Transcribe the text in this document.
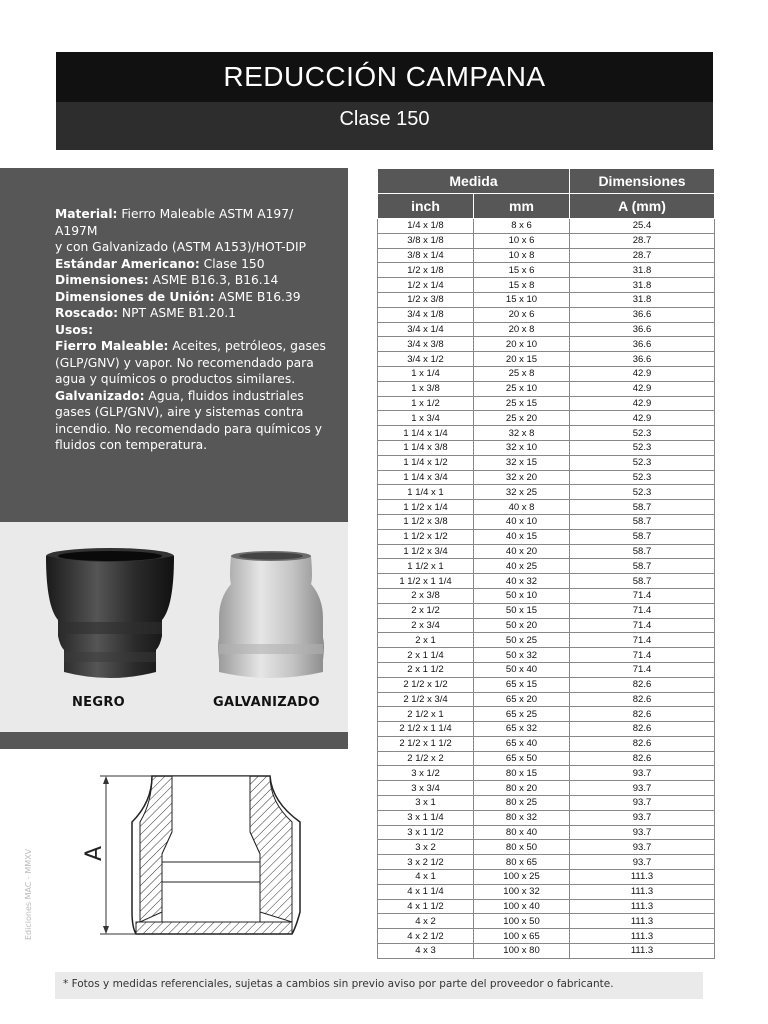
REDUCCIÓN CAMPANA
Clase 150

Material: Fierro Maleable ASTM A197/ A197M

y con Galvanizado (ASTM A153)/HOT-DIP

Estándar Americano: Clase 150

Dimensiones: ASME B16.3, B16.14

Dimensiones de Unión: ASME B16.39

Roscado: NPT ASME B1.20.1

Usos:

Fierro Maleable: Aceites, petróleos, gases (GLP/GNV) y vapor. No recomendado para agua y químicos o productos similares.

Galvanizado: Agua, fluidos industriales gases (GLP/GNV), aire y sistemas contra incendio. No recomendado para químicos y fluidos con temperatura.

NEGRO	GALVANIZADO
A
Ediciones MAC - MMXV
Medida		Dimensiones
inch	mm	A (mm)
1/4 x 1/8	8 x 6	25.4
3/8 x 1/8	10 x 6	28.7
3/8 x 1/4	10 x 8	28.7
1/2 x 1/8	15 x 6	31.8
1/2 x 1/4	15 x 8	31.8
1/2 x 3/8	15 x 10	31.8
3/4 x 1/8	20 x 6	36.6
3/4 x 1/4	20 x 8	36.6
3/4 x 3/8	20 x 10	36.6
3/4 x 1/2	20 x 15	36.6
1 x 1/4	25 x 8	42.9
1 x 3/8	25 x 10	42.9
1 x 1/2	25 x 15	42.9
1 x 3/4	25 x 20	42.9
1 1/4 x 1/4	32 x 8	52.3
1 1/4 x 3/8	32 x 10	52.3
1 1/4 x 1/2	32 x 15	52.3
1 1/4 x 3/4	32 x 20	52.3
1 1/4 x 1	32 x 25	52.3
1 1/2 x 1/4	40 x 8	58.7
1 1/2 x 3/8	40 x 10	58.7
1 1/2 x 1/2	40 x 15	58.7
1 1/2 x 3/4	40 x 20	58.7
1 1/2 x 1	40 x 25	58.7
1 1/2 x 1 1/4	40 x 32	58.7
2 x 3/8	50 x 10	71.4
2 x 1/2	50 x 15	71.4
2 x 3/4	50 x 20	71.4
2 x 1	50 x 25	71.4
2 x 1 1/4	50 x 32	71.4
2 x 1 1/2	50 x 40	71.4
2 1/2 x 1/2	65 x 15	82.6
2 1/2 x 3/4	65 x 20	82.6
2 1/2 x 1	65 x 25	82.6
2 1/2 x 1 1/4	65 x 32	82.6
2 1/2 x 1 1/2	65 x 40	82.6
2 1/2 x 2	65 x 50	82.6
3 x 1/2	80 x 15	93.7
3 x 3/4	80 x 20	93.7
3 x 1	80 x 25	93.7
3 x 1 1/4	80 x 32	93.7
3 x 1 1/2	80 x 40	93.7
3 x 2	80 x 50	93.7
3 x 2 1/2	80 x 65	93.7
4 x 1	100 x 25	111.3
4 x 1 1/4	100 x 32	111.3
4 x 1 1/2	100 x 40	111.3
4 x 2	100 x 50	111.3
4 x 2 1/2	100 x 65	111.3
4 x 3	100 x 80	111.3
* Fotos y medidas referenciales, sujetas a cambios sin previo aviso por parte del proveedor o fabricante.
